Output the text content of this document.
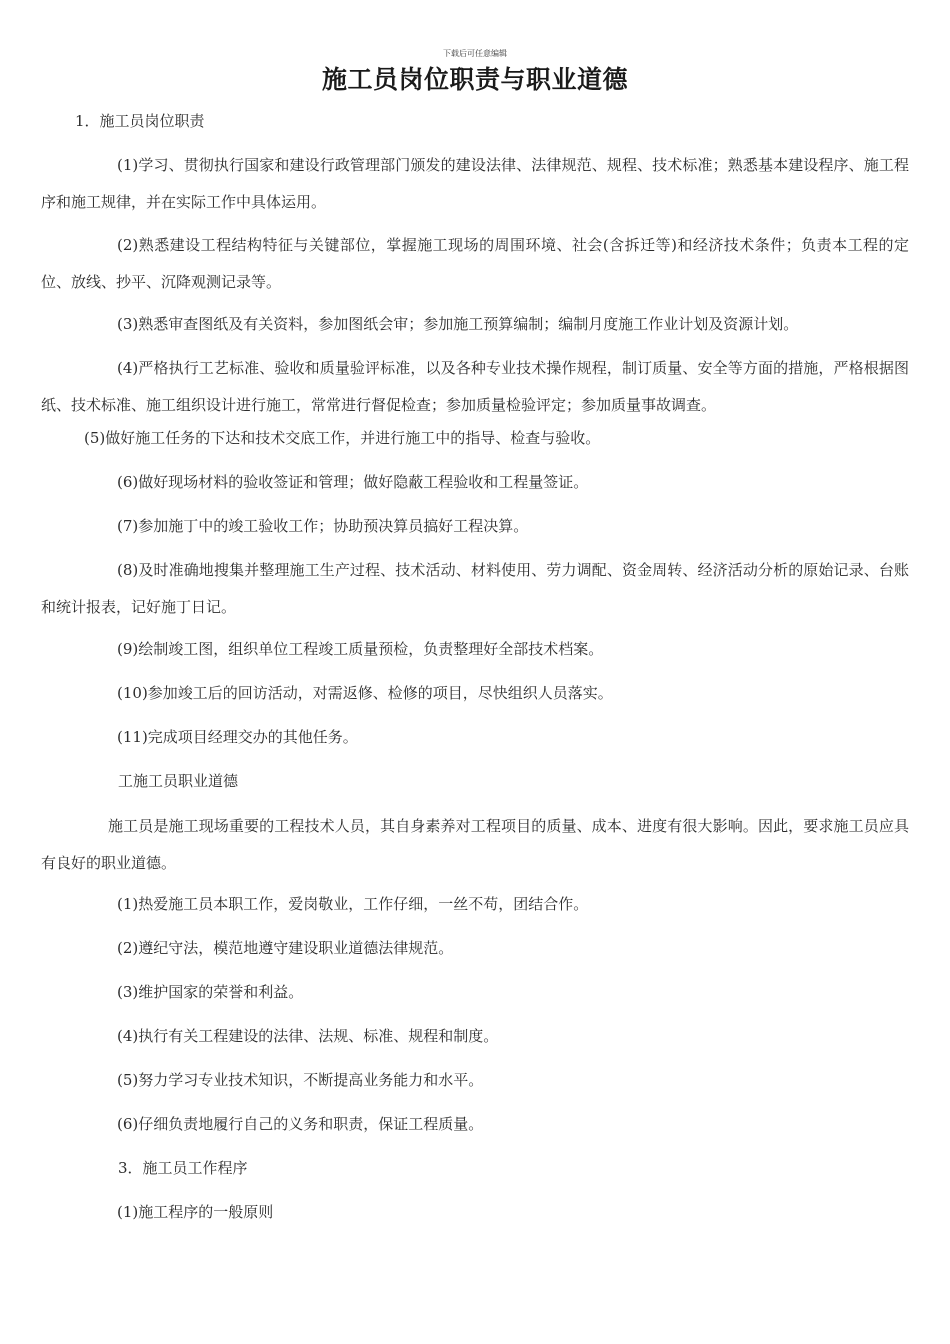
下载后可任意编辑
施工员岗位职责与职业道德
1．施工员岗位职责
(1)学习、贯彻执行国家和建设行政管理部门颁发的建设法律、法律规范、规程、技术标准；熟悉基本建设程序、施工程序和施工规律，并在实际工作中具体运用。
(2)熟悉建设工程结构特征与关键部位，掌握施工现场的周围环境、社会(含拆迁等)和经济技术条件；负责本工程的定位、放线、抄平、沉降观测记录等。
(3)熟悉审查图纸及有关资料，参加图纸会审；参加施工预算编制；编制月度施工作业计划及资源计划。
(4)严格执行工艺标准、验收和质量验评标准，以及各种专业技术操作规程，制订质量、安全等方面的措施，严格根据图纸、技术标准、施工组织设计进行施工，常常进行督促检查；参加质量检验评定；参加质量事故调查。
(5)做好施工任务的下达和技术交底工作，并进行施工中的指导、检查与验收。
(6)做好现场材料的验收签证和管理；做好隐蔽工程验收和工程量签证。
(7)参加施丁中的竣工验收工作；协助预决算员搞好工程决算。
(8)及时准确地搜集并整理施工生产过程、技术活动、材料使用、劳力调配、资金周转、经济活动分析的原始记录、台账和统计报表，记好施丁日记。
(9)绘制竣工图，组织单位工程竣工质量预检，负责整理好全部技术档案。
(10)参加竣工后的回访活动，对需返修、检修的项目，尽快组织人员落实。
(11)完成项目经理交办的其他任务。
工施工员职业道德
施工员是施工现场重要的工程技术人员，其自身素养对工程项目的质量、成本、进度有很大影响。因此，要求施工员应具有良好的职业道德。
(1)热爱施工员本职工作，爱岗敬业，工作仔细，一丝不苟，团结合作。
(2)遵纪守法，模范地遵守建设职业道德法律规范。
(3)维护国家的荣誉和利益。
(4)执行有关工程建设的法律、法规、标准、规程和制度。
(5)努力学习专业技术知识，不断提高业务能力和水平。
(6)仔细负责地履行自己的义务和职责，保证工程质量。
3．施工员工作程序
(1)施工程序的一般原则
